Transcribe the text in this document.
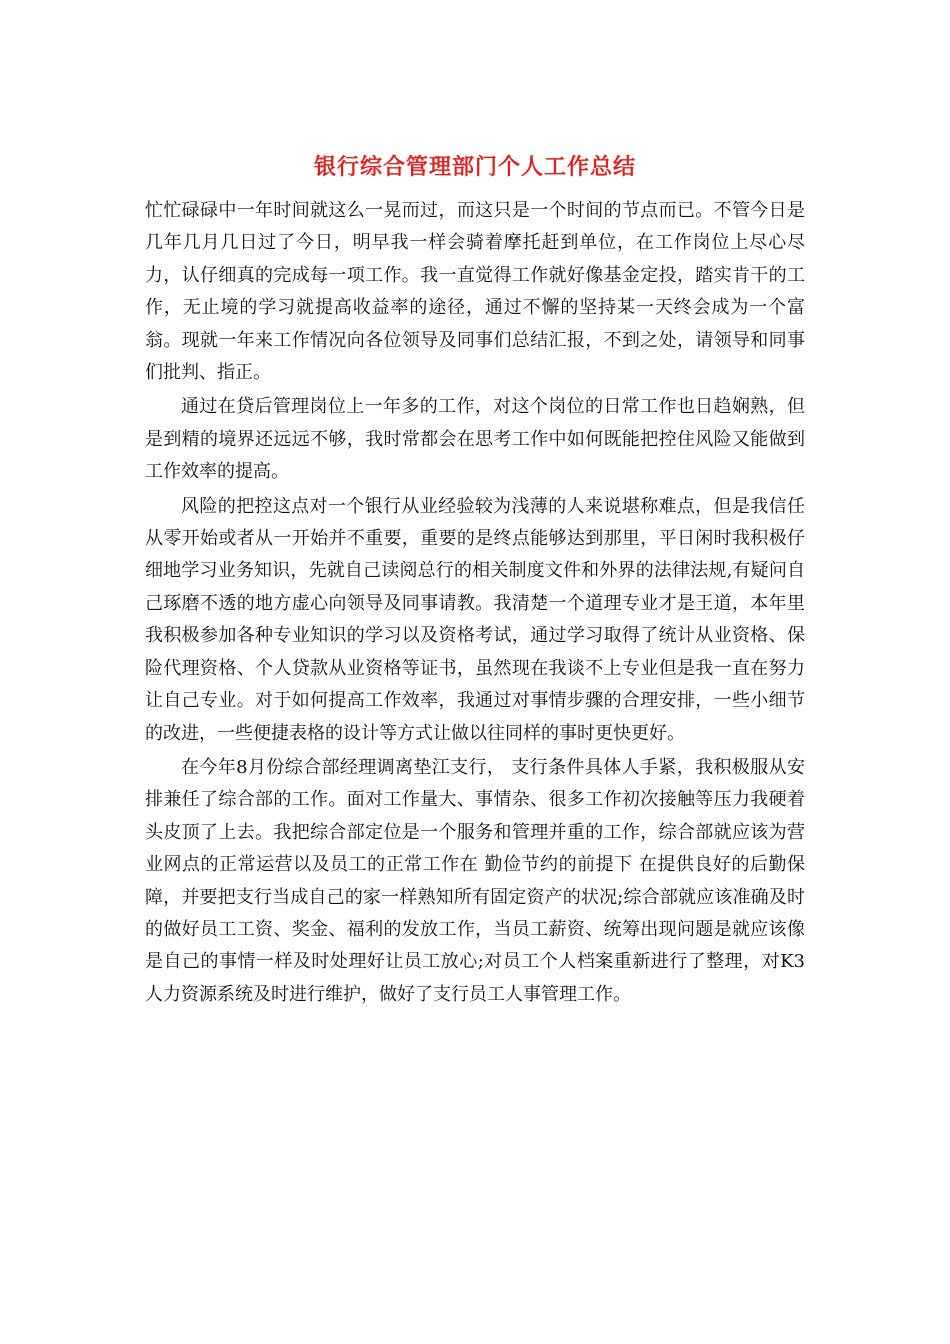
银行综合管理部门个人工作总结

忙忙碌碌中一年时间就这么一晃而过，而这只是一个时间的节点而已。不管今日是几年几月几日过了今日，明早我一样会骑着摩托赶到单位，在工作岗位上尽心尽力，认仔细真的完成每一项工作。我一直觉得工作就好像基金定投，踏实肯干的工作，无止境的学习就提高收益率的途径，通过不懈的坚持某一天终会成为一个富翁。现就一年来工作情况向各位领导及同事们总结汇报，不到之处，请领导和同事们批判、指正。

通过在贷后管理岗位上一年多的工作，对这个岗位的日常工作也日趋娴熟，但是到精的境界还远远不够，我时常都会在思考工作中如何既能把控住风险又能做到工作效率的提高。

风险的把控这点对一个银行从业经验较为浅薄的人来说堪称难点，但是我信任从零开始或者从一开始并不重要，重要的是终点能够达到那里，平日闲时我积极仔细地学习业务知识，先就自己读阅总行的相关制度文件和外界的法律法规,有疑问自己琢磨不透的地方虚心向领导及同事请教。我清楚一个道理专业才是王道，本年里我积极参加各种专业知识的学习以及资格考试，通过学习取得了统计从业资格、保险代理资格、个人贷款从业资格等证书，虽然现在我谈不上专业但是我一直在努力让自己专业。对于如何提高工作效率，我通过对事情步骤的合理安排，一些小细节的改进，一些便捷表格的设计等方式让做以往同样的事时更快更好。

在今年8月份综合部经理调离垫江支行， 支行条件具体人手紧，我积极服从安排兼任了综合部的工作。面对工作量大、事情杂、很多工作初次接触等压力我硬着头皮顶了上去。我把综合部定位是一个服务和管理并重的工作，综合部就应该为营业网点的正常运营以及员工的正常工作在 勤俭节约的前提下 在提供良好的后勤保障，并要把支行当成自己的家一样熟知所有固定资产的状况;综合部就应该准确及时的做好员工工资、奖金、福利的发放工作，当员工薪资、统筹出现问题是就应该像是自己的事情一样及时处理好让员工放心;对员工个人档案重新进行了整理，对K3人力资源系统及时进行维护，做好了支行员工人事管理工作。
